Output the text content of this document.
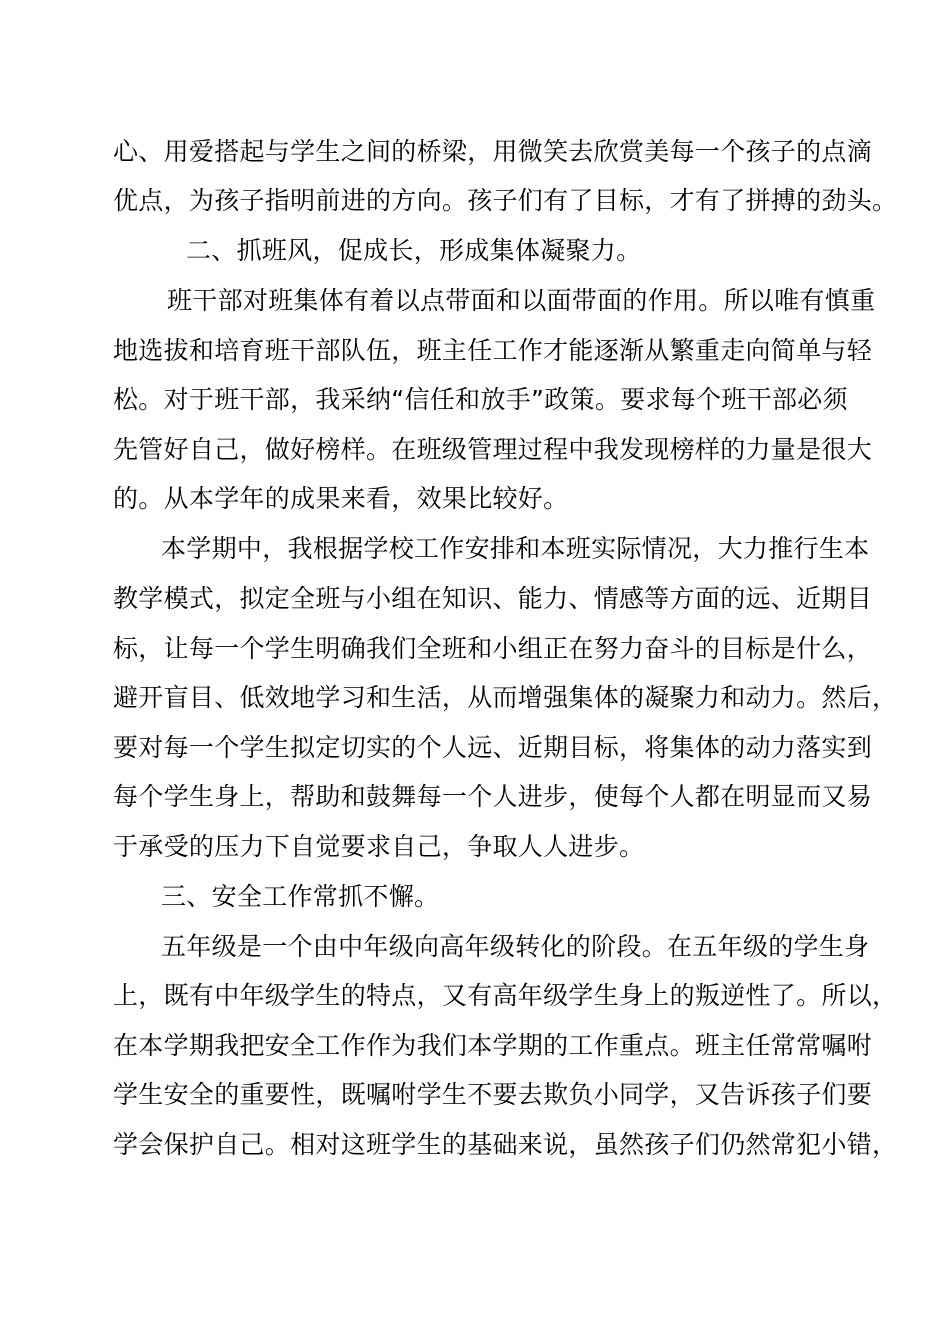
心、用爱搭起与学生之间的桥梁，用微笑去欣赏美每一个孩子的点滴
优点，为孩子指明前进的方向。孩子们有了目标，才有了拼搏的劲头。
二、抓班风，促成长，形成集体凝聚力。
班干部对班集体有着以点带面和以面带面的作用。所以唯有慎重
地选拔和培育班干部队伍，班主任工作才能逐渐从繁重走向简单与轻
松。对于班干部，我采纳“信任和放手”政策。要求每个班干部必须
先管好自己，做好榜样。在班级管理过程中我发现榜样的力量是很大
的。从本学年的成果来看，效果比较好。
本学期中，我根据学校工作安排和本班实际情况，大力推行生本
教学模式，拟定全班与小组在知识、能力、情感等方面的远、近期目
标，让每一个学生明确我们全班和小组正在努力奋斗的目标是什么，
避开盲目、低效地学习和生活，从而增强集体的凝聚力和动力。然后，
要对每一个学生拟定切实的个人远、近期目标，将集体的动力落实到
每个学生身上，帮助和鼓舞每一个人进步，使每个人都在明显而又易
于承受的压力下自觉要求自己，争取人人进步。
三、安全工作常抓不懈。
五年级是一个由中年级向高年级转化的阶段。在五年级的学生身
上，既有中年级学生的特点，又有高年级学生身上的叛逆性了。所以，
在本学期我把安全工作作为我们本学期的工作重点。班主任常常嘱咐
学生安全的重要性，既嘱咐学生不要去欺负小同学，又告诉孩子们要
学会保护自己。相对这班学生的基础来说，虽然孩子们仍然常犯小错，
